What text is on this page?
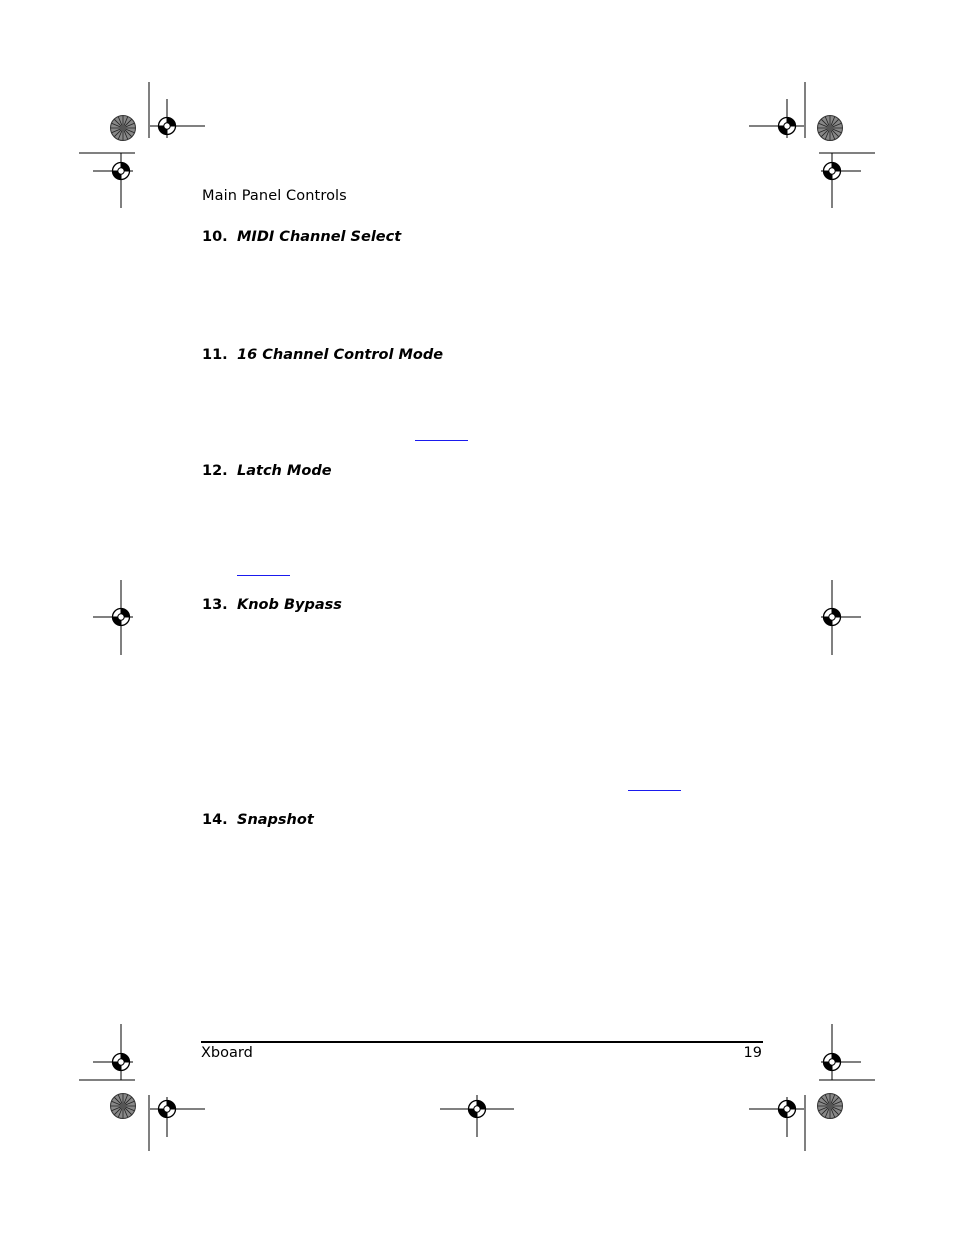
Main Panel Controls
10. MIDI Channel Select
11. 16 Channel Control Mode
12. Latch Mode
13. Knob Bypass
14. Snapshot
Xboard	19
